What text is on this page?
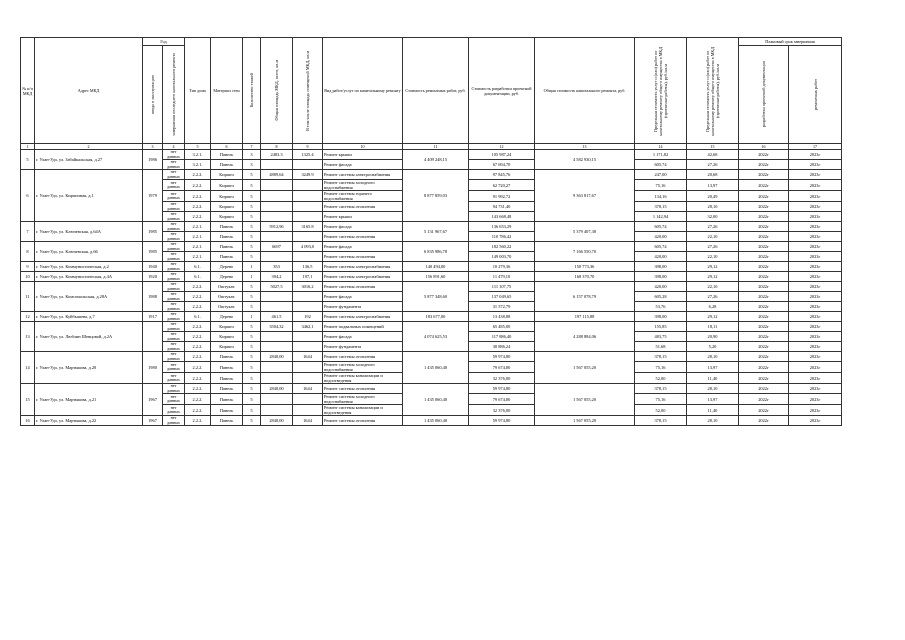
№ п/п МКД	Адрес МКД	Год		Тип дома	Материал стен	Количество этажей	Общая площадь МКД, всего, кв.м	В том числе площадь помещений МКД, кв.м	Вид работ/услуг по капитальному ремонту	Стоимость ремонтных работ, руб.	Стоимость разработки проектной документации, руб.	Общая стоимость капитального ремонта, руб.	Предельная стоимость услуг и (или) работ по капитальному ремонту общего имущества в МКД (проектные работы), руб./кв.м	Предельная стоимость услуг и (или) работ по капитальному ремонту общего имущества в МКД (проектные работы), руб./кв.м	Плановый срок завершения	

		ввода в эксплуатацию	завершения последнего капитального ремонта												разработки проектной документации	ремонтных работ

1	2	3	4	5	6	7	8	9	10	11	12	13	14	15	16	17
5	г. Улан-Удэ, ул. Забайкальская, д.27	1986	нет данных	3.2.1.	Панель	3	2483.3	1325.4	Ремонт крыши	4 409 248,15	105 987,24	4 582 930,15	1 171,82	42,68	2022г	2023г
			нет данных	3.2.1.	Панель	3			Ремонт фасада		67 694,70		605,74	27,26	2022г	2023г
6	г. Улан-Удэ, ул. Кирпичная, д.1	1979	нет данных	2.2.2.	Кирпич	5	4889,64	3249.9	Ремонт системы электроснабжения	8 877 859,03	97 845,76	9 363 817,67	247,00	20,68	2022г	2023г
			нет данных	2.2.2.	Кирпич	5			Ремонт системы холодного водоснабжения		62 720,27		75,16	13,97	2022г	2023г
			нет данных	2.2.2.	Кирпич	5			Ремонт системы горячего водоснабжения		91 992,72		134,16	20,49	2022г	2023г
			нет данных	2.2.2.	Кирпич	5			Ремонт системы отопления		94 731,40		378,15	28,10	2022г	2023г
			нет данных	2.2.2.	Кирпич	5			Ремонт крыши		143 668,48		1 142,94	32,00	2022г	2023г
7	г. Улан-Удэ, ул. Ключевская, д.64А	1985	нет данных	2.2.1.	Панель	5	5912,96	3165.8	Ремонт фасада	5 131 967,67	136 653,29	5 379 407,38	605,74	27,26	2022г	2023г
			нет данных	2.2.1.	Панель	5			Ремонт системы отопления		110 786,42		420,00	22,10	2022г	2023г
8	г. Улан-Удэ, ул. Ключевская, д.66	1985	нет данных	2.2.1.	Панель	5	6697	4 093,0	Ремонт фасада	6 835 986,78	182 560,22	7 166 550,70	605,74	27,26	2022г	2023г
			нет данных	2.2.1.	Панель	5			Ремонт системы отопления		149 003,70		420,00	22,10	2022г	2023г
9	г. Улан-Удэ, ул. Коммунистическая, д.2	1940	нет данных	6.1.	Дерево	1	353	136,5	Ремонт системы электроснабжения	140 494,00	10 279,36	150 773,36	398,00	29,12	2022г	2023г
10	г. Улан-Удэ, ул. Коммунистическая, д.4А	1920	нет данных	6.1.	Дерево	1	394,2	197,1	Ремонт системы электроснабжения	156 891,60	11 479,10	168 370,70	398,00	29,12	2022г	2023г
11	г. Улан-Удэ, ул. Комсомольская, д.28А	1988	нет данных	2.2.2.	Оштукат.	5	5027,5	3016,2	Ремонт системы отопления	5 877 348,60	111 107,75	6 157 078,79	420,00	22,10	2022г	2023г
			нет данных	2.2.2.	Оштукат.	5			Ремонт фасада		137 049,65		605,28	27,26	2022г	2023г
			нет данных	2.2.2.	Оштукат.	5			Ремонт фундамента		31 572,79		53,76	6,28	2022г	2023г
12	г. Улан-Удэ, ул. Куйбышева, д.7	1917	нет данных	6.1.	Дерево	1	461.5	192	Ремонт системы электроснабжения	183 677,00	13 438,88	197 115,88	398,00	29,12	2022г	2023г
13	г. Улан-Удэ, ул. Люблин Шевцовой, д.2А		нет данных	2.2.2.	Кирпич	5	3504,32	3462,1	Ремонт подвальных помещений	4 074 625,53	65 485,00	4 288 884,06	155,85	18,11	2022г	2023г
			нет данных	2.2.2.	Кирпич	5			Ремонт фасада		117 886,40		483,75	20,90	2022г	2023г
			нет данных	2.2.2.	Кирпич	5			Ремонт фундамента		30 886,24		51,68	5,20	2022г	2023г
14	г. Улан-Удэ, ул. Мартыкова, д.20	1980	нет данных	2.2.2.	Панель	5	2840,00	1644	Ремонт системы отопления	1 435 060,40	59 974,80	1 567 055,20	378,15	28,10	2022г	2023г
			нет данных	2.2.2.	Панель	5			Ремонт системы холодного водоснабжения		79 674,80		75,16	13,97	2022г	2023г
			нет данных	2.2.2.	Панель	5			Ремонт системы канализации и водоотведения		32 376,00		52,00	11,40	2022г	2023г
15	г. Улан-Удэ, ул. Мартыкова, д.21	1967	нет данных	2.2.2.	Панель	5	2840,00	1644	Ремонт системы отопления	1 435 060,40	59 974,80	1 567 055,20	378,15	28,10	2022г	2023г
			нет данных	2.2.2.	Панель	5			Ремонт системы холодного водоснабжения		79 674,80		75,16	13,97	2022г	2023г
			нет данных	2.2.2.	Панель	5			Ремонт системы канализации и водоотведения		32 376,00		52,00	11,40	2022г	2023г
16	г. Улан-Удэ, ул. Мартыкова, д.22	1967	нет данных	2.2.2.	Панель	5	2840,00	1644	Ремонт системы отопления	1 435 060,40	59 974,80	1 567 055,20	378,15	28,10	2022г	2023г
